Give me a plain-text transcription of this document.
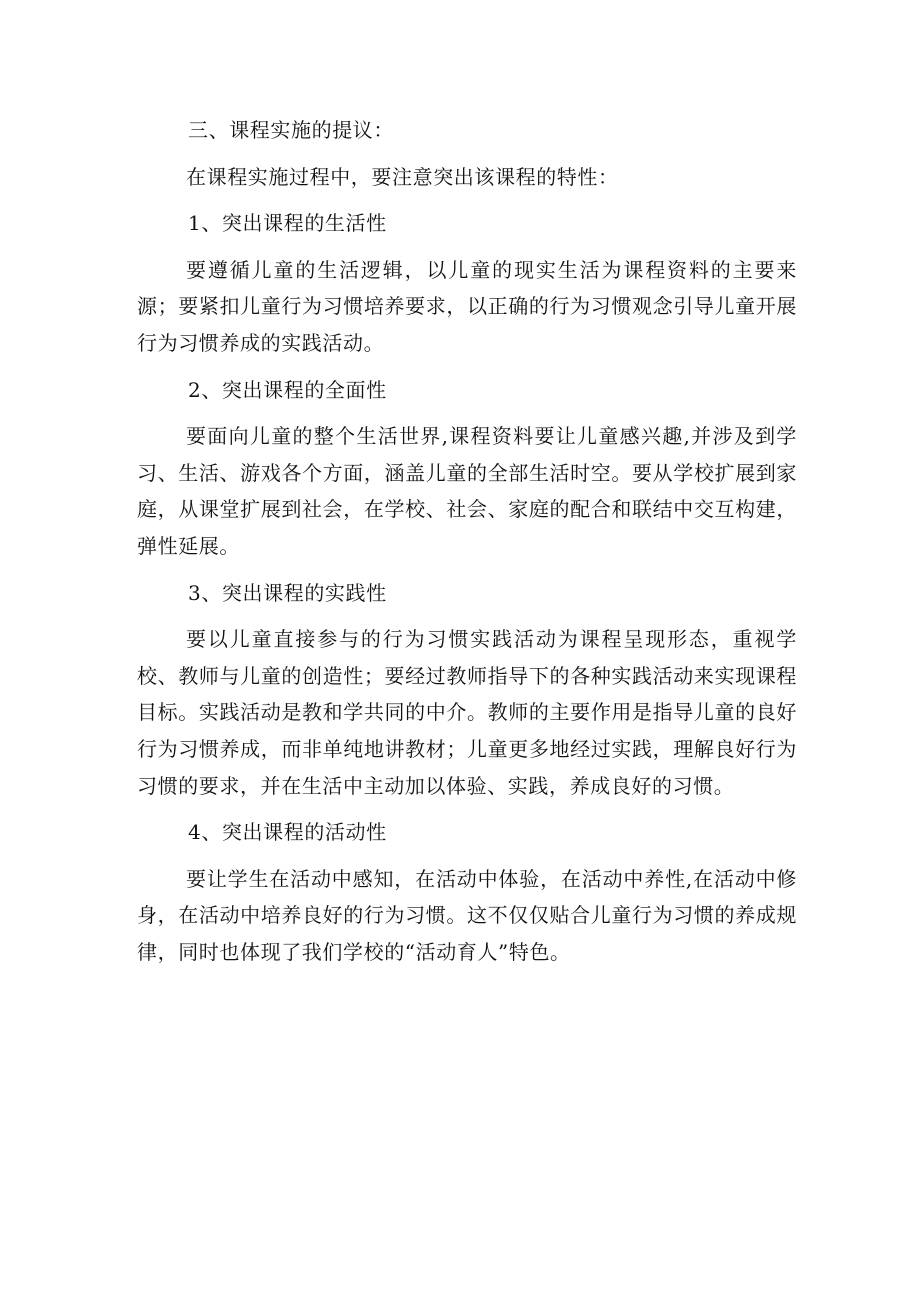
三、课程实施的提议：

在课程实施过程中，要注意突出该课程的特性：

1、突出课程的生活性

要遵循儿童的生活逻辑，以儿童的现实生活为课程资料的主要来源；要紧扣儿童行为习惯培养要求，以正确的行为习惯观念引导儿童开展行为习惯养成的实践活动。

2、突出课程的全面性

要面向儿童的整个生活世界,课程资料要让儿童感兴趣,并涉及到学习、生活、游戏各个方面，涵盖儿童的全部生活时空。要从学校扩展到家庭，从课堂扩展到社会，在学校、社会、家庭的配合和联结中交互构建，弹性延展。

3、突出课程的实践性

要以儿童直接参与的行为习惯实践活动为课程呈现形态，重视学校、教师与儿童的创造性；要经过教师指导下的各种实践活动来实现课程目标。实践活动是教和学共同的中介。教师的主要作用是指导儿童的良好行为习惯养成，而非单纯地讲教材；儿童更多地经过实践，理解良好行为习惯的要求，并在生活中主动加以体验、实践，养成良好的习惯。

4、突出课程的活动性

要让学生在活动中感知，在活动中体验，在活动中养性,在活动中修身，在活动中培养良好的行为习惯。这不仅仅贴合儿童行为习惯的养成规律，同时也体现了我们学校的“活动育人”特色。
